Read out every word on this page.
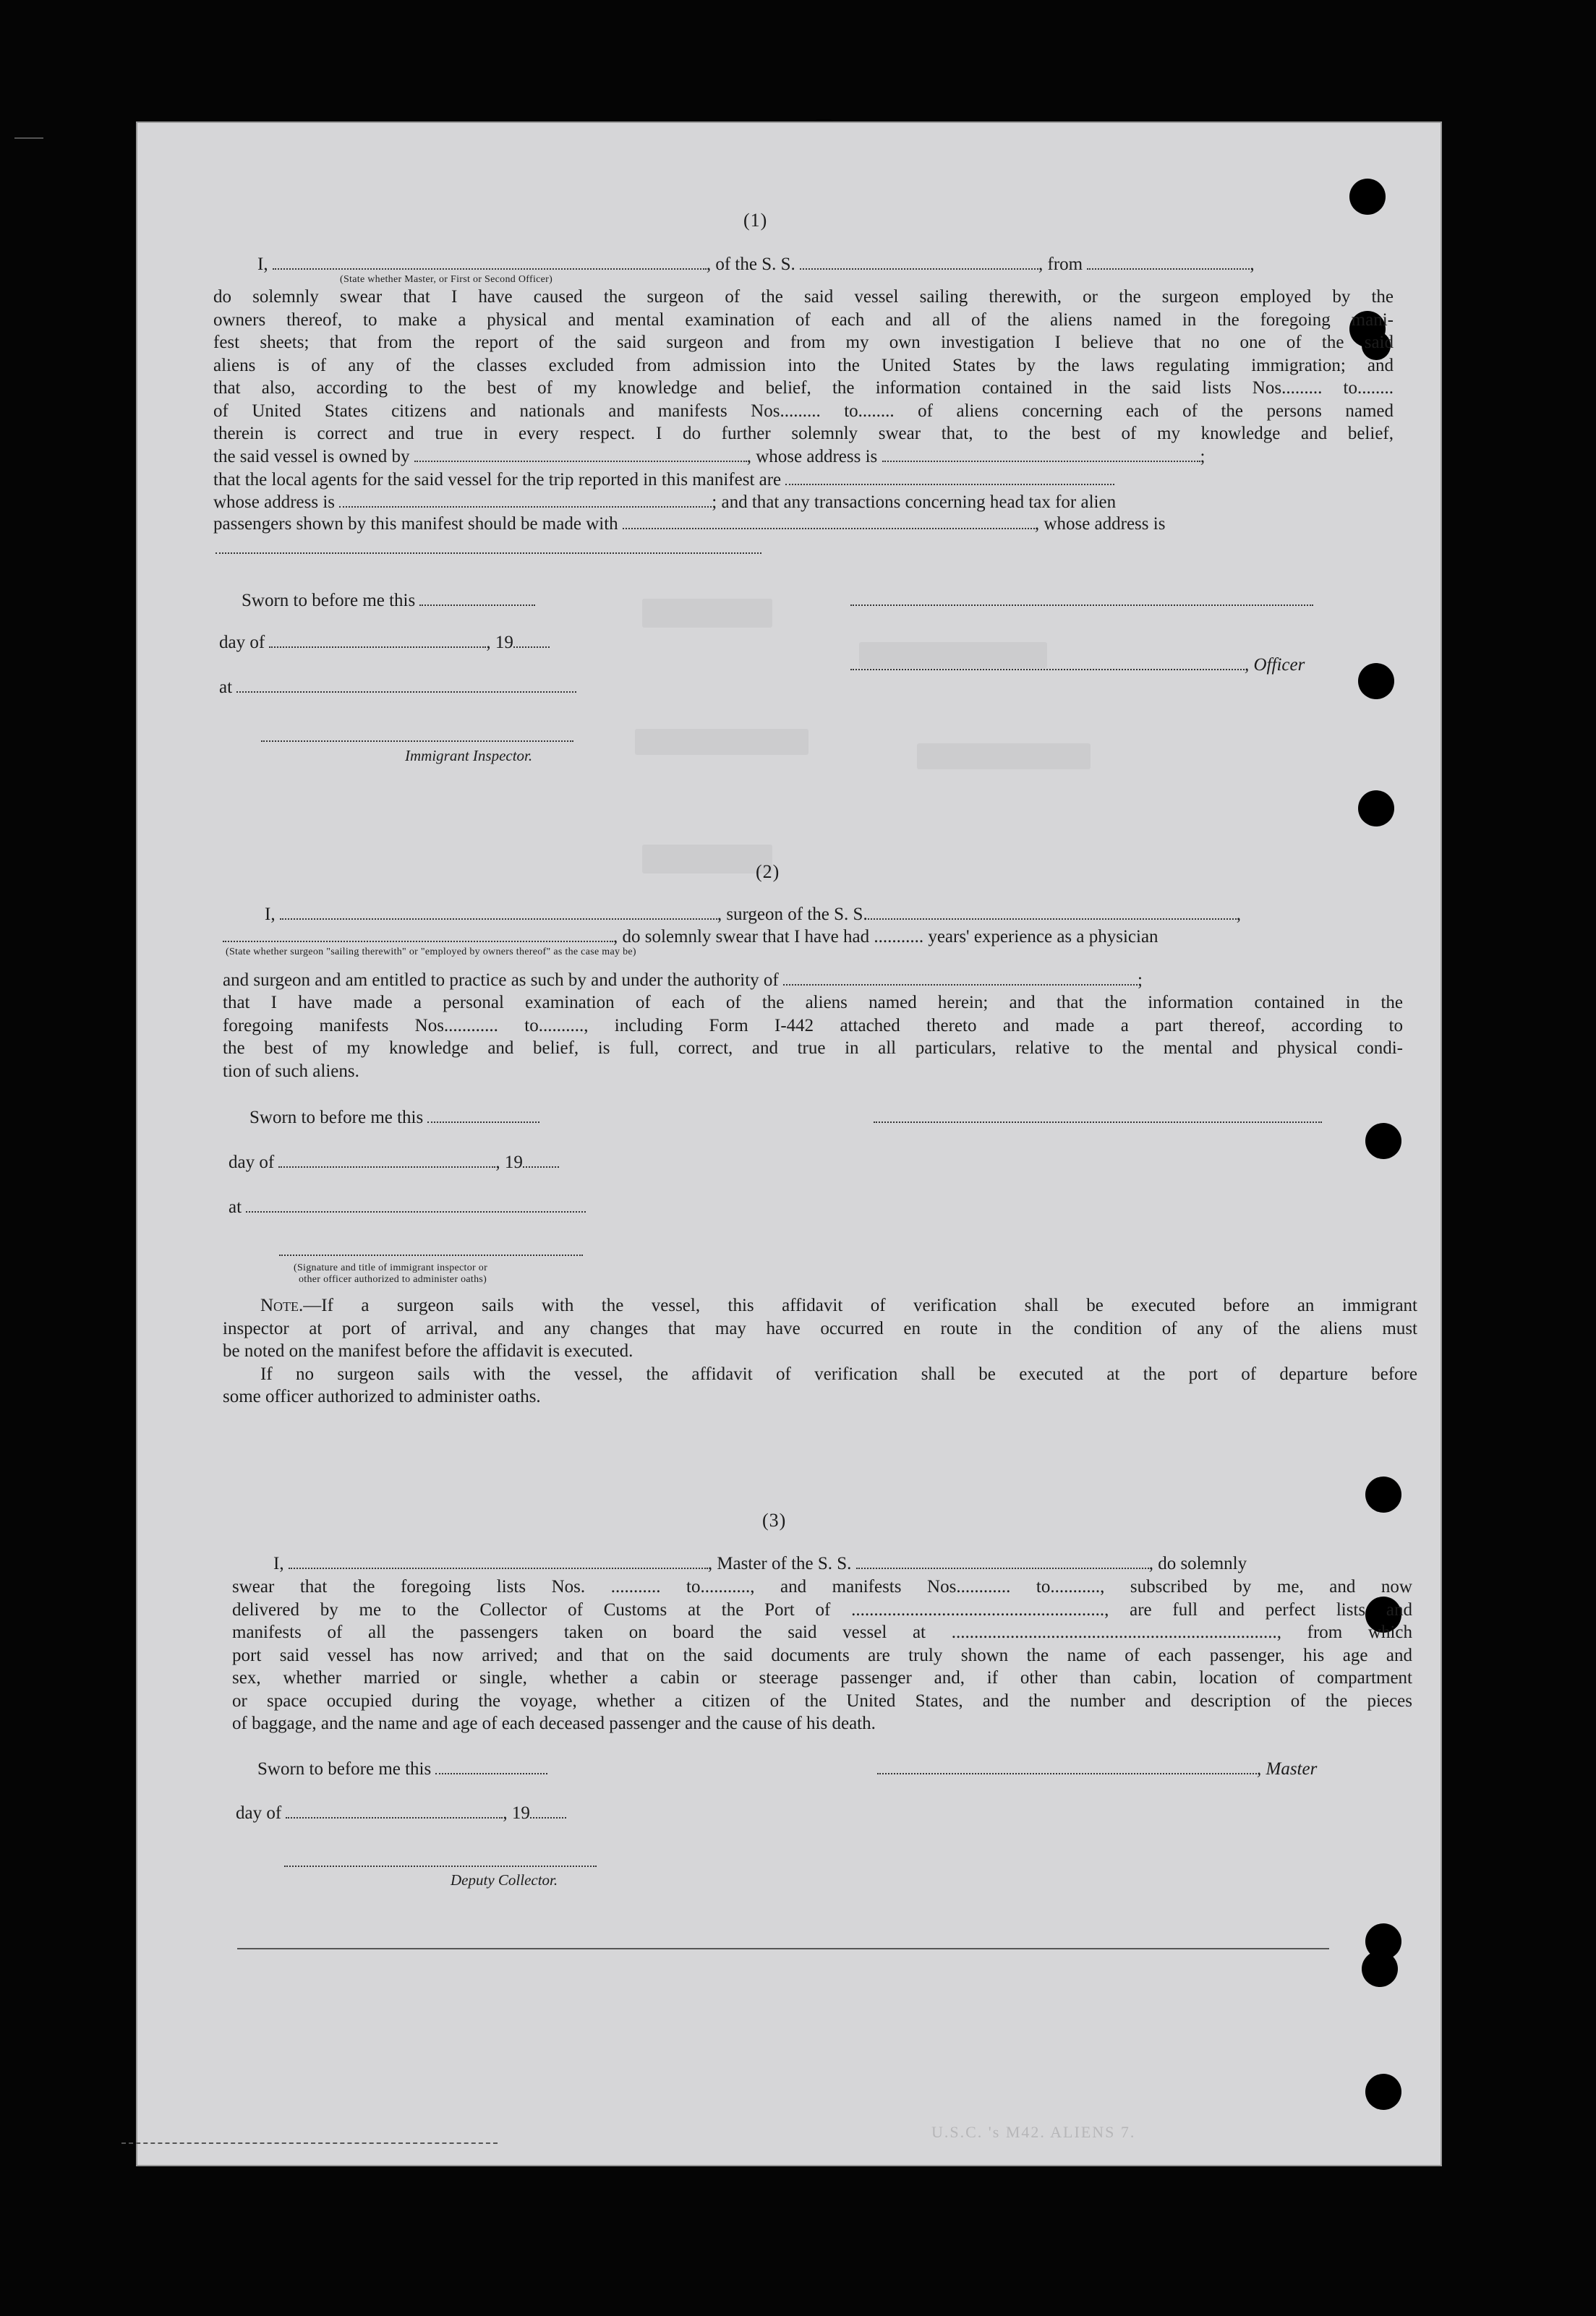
(1)
I,	, of the S. S.	, from	,
(State whether Master, or First or Second Officer)
do solemnly swear that I have caused the surgeon of the said vessel sailing therewith, or the surgeon employed by the
owners thereof, to make a physical and mental examination of each and all of the aliens named in the foregoing mani-
fest sheets; that from the report of the said surgeon and from my own investigation I believe that no one of the said
aliens is of any of the classes excluded from admission into the United States by the laws regulating immigration; and
that also, according to the best of my knowledge and belief, the information contained in the said lists Nos......... to........
of United States citizens and nationals and manifests Nos......... to........ of aliens concerning each of the persons named
therein is correct and true in every respect. I do further solemnly swear that, to the best of my knowledge and belief,
the said vessel is owned by	, whose address is	;
that the local agents for the said vessel for the trip reported in this manifest are
whose address is	; and that any transactions concerning head tax for alien
passengers shown by this manifest should be made with	, whose address is
Sworn to before me this
day of	, 19
, Officer
at
Immigrant Inspector.
(2)
I,	, surgeon of the S. S.	,
, do solemnly swear that I have had ........... years' experience as a physician
(State whether surgeon "sailing therewith" or "employed by owners thereof" as the case may be)
and surgeon and am entitled to practice as such by and under the authority of	;
that I have made a personal examination of each of the aliens named herein; and that the information contained in the
foregoing manifests Nos............ to.........., including Form I-442 attached thereto and made a part thereof, according to
the best of my knowledge and belief, is full, correct, and true in all particulars, relative to the mental and physical condi-
tion of such aliens.
Sworn to before me this
day of	, 19
at
(Signature and title of immigrant inspector or
other officer authorized to administer oaths)
Note.—If a surgeon sails with the vessel, this affidavit of verification shall be executed before an immigrant
inspector at port of arrival, and any changes that may have occurred en route in the condition of any of the aliens must
be noted on the manifest before the affidavit is executed.
If no surgeon sails with the vessel, the affidavit of verification shall be executed at the port of departure before
some officer authorized to administer oaths.
(3)
I,	, Master of the S. S.	, do solemnly
swear that the foregoing lists Nos. ........... to..........., and manifests Nos............ to..........., subscribed by me, and now
delivered by me to the Collector of Customs at the Port of ........................................................, are full and perfect lists and
manifests of all the passengers taken on board the said vessel at ........................................................................, from which
port said vessel has now arrived; and that on the said documents are truly shown the name of each passenger, his age and
sex, whether married or single, whether a cabin or steerage passenger and, if other than cabin, location of compartment
or space occupied during the voyage, whether a citizen of the United States, and the number and description of the pieces
of baggage, and the name and age of each deceased passenger and the cause of his death.
Sworn to before me this	, Master
day of	, 19
Deputy Collector.
U.S.C. 's M42. ALIENS 7.
